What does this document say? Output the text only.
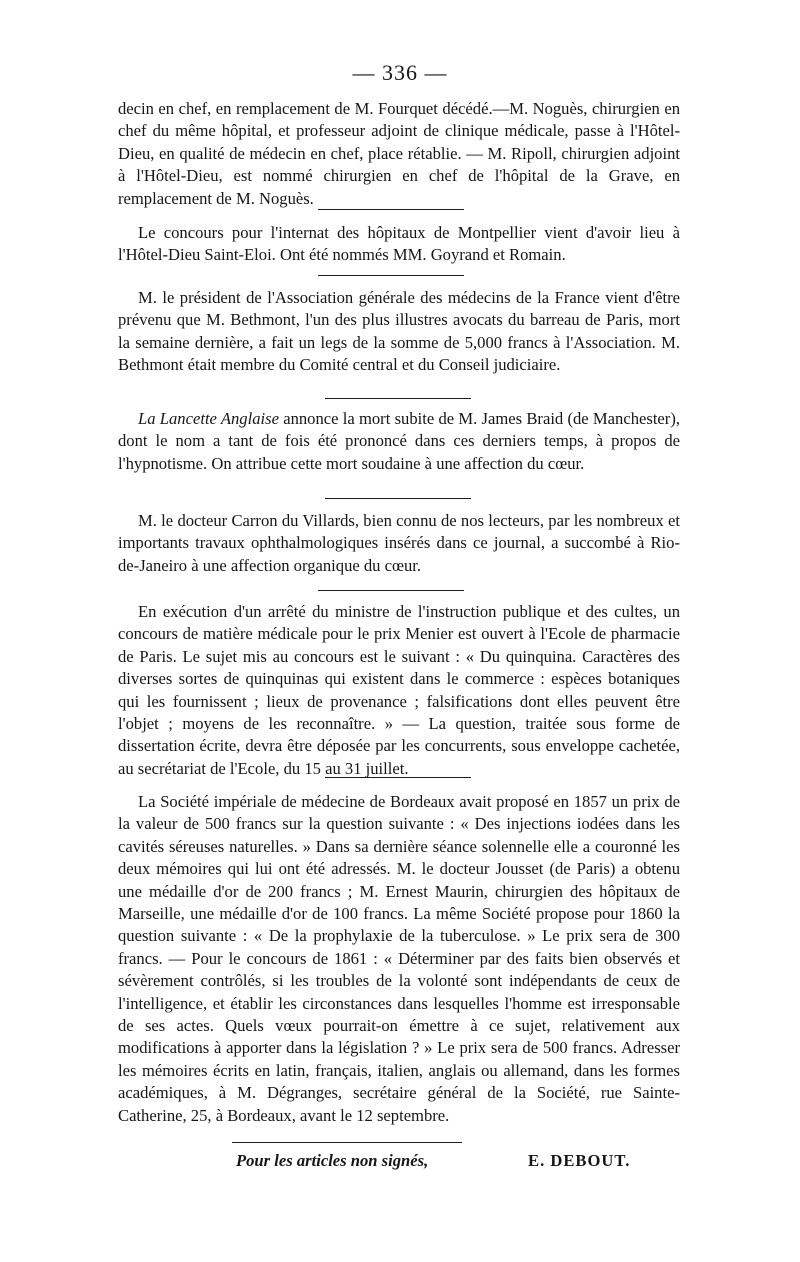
— 336 —

decin en chef, en remplacement de M. Fourquet décédé.—M. Noguès, chirurgien en chef du même hôpital, et professeur adjoint de clinique médicale, passe à l'Hôtel-Dieu, en qualité de médecin en chef, place rétablie. — M. Ripoll, chirurgien adjoint à l'Hôtel-Dieu, est nommé chirurgien en chef de l'hôpital de la Grave, en remplacement de M. Noguès.

Le concours pour l'internat des hôpitaux de Montpellier vient d'avoir lieu à l'Hôtel-Dieu Saint-Eloi. Ont été nommés MM. Goyrand et Romain.

M. le président de l'Association générale des médecins de la France vient d'être prévenu que M. Bethmont, l'un des plus illustres avocats du barreau de Paris, mort la semaine dernière, a fait un legs de la somme de 5,000 francs à l'Association. M. Bethmont était membre du Comité central et du Conseil judiciaire.

La Lancette Anglaise annonce la mort subite de M. James Braid (de Manchester), dont le nom a tant de fois été prononcé dans ces derniers temps, à propos de l'hypnotisme. On attribue cette mort soudaine à une affection du cœur.

M. le docteur Carron du Villards, bien connu de nos lecteurs, par les nombreux et importants travaux ophthalmologiques insérés dans ce journal, a succombé à Rio-de-Janeiro à une affection organique du cœur.

En exécution d'un arrêté du ministre de l'instruction publique et des cultes, un concours de matière médicale pour le prix Menier est ouvert à l'Ecole de pharmacie de Paris. Le sujet mis au concours est le suivant : « Du quinquina. Caractères des diverses sortes de quinquinas qui existent dans le commerce : espèces botaniques qui les fournissent ; lieux de provenance ; falsifications dont elles peuvent être l'objet ; moyens de les reconnaître. » — La question, traitée sous forme de dissertation écrite, devra être déposée par les concurrents, sous enveloppe cachetée, au secrétariat de l'Ecole, du 15 au 31 juillet.

La Société impériale de médecine de Bordeaux avait proposé en 1857 un prix de la valeur de 500 francs sur la question suivante : « Des injections iodées dans les cavités séreuses naturelles. » Dans sa dernière séance solennelle elle a couronné les deux mémoires qui lui ont été adressés. M. le docteur Jousset (de Paris) a obtenu une médaille d'or de 200 francs ; M. Ernest Maurin, chirurgien des hôpitaux de Marseille, une médaille d'or de 100 francs. La même Société propose pour 1860 la question suivante : « De la prophylaxie de la tuberculose. » Le prix sera de 300 francs. — Pour le concours de 1861 : « Déterminer par des faits bien observés et sévèrement contrôlés, si les troubles de la volonté sont indépendants de ceux de l'intelligence, et établir les circonstances dans lesquelles l'homme est irresponsable de ses actes. Quels vœux pourrait-on émettre à ce sujet, relativement aux modifications à apporter dans la législation ? » Le prix sera de 500 francs. Adresser les mémoires écrits en latin, français, italien, anglais ou allemand, dans les formes académiques, à M. Dégranges, secrétaire général de la Société, rue Sainte-Catherine, 25, à Bordeaux, avant le 12 septembre.

Pour les articles non signés,	E. DEBOUT.
